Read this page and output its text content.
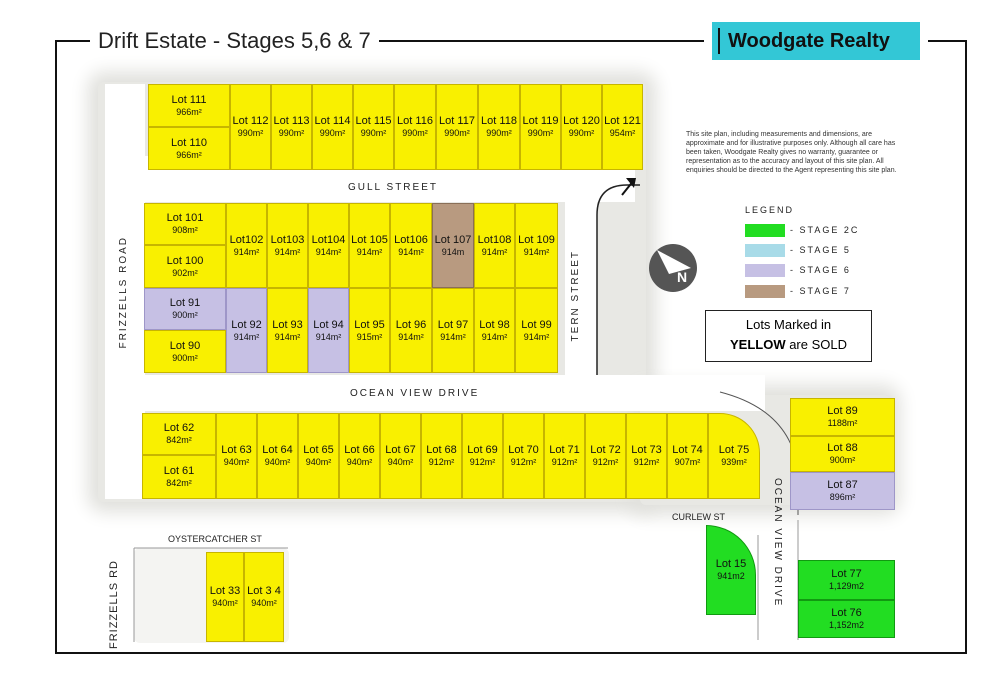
Drift Estate - Stages 5,6 & 7	Woodgate Realty
GULL STREET
FRIZZELLS ROAD	TERN STREET
OCEAN VIEW DRIVE
OCEAN VIEW DRIVE
OYSTERCATCHER ST
FRIZZELLS RD
CURLEW ST
Lot 111
966m²
Lot 110
966m²
Lot 112
990m²
Lot 113
990m²
Lot 114
990m²
Lot 115
990m²
Lot 116
990m²
Lot 117
990m²
Lot 118
990m²
Lot 119
990m²
Lot 120
990m²
Lot 121
954m²
Lot 101
908m²
Lot 100
902m²
Lot 91
900m²
Lot 90
900m²
Lot102
914m²
Lot103
914m²
Lot104
914m²
Lot 105
914m²
Lot106
914m²
Lot 107
914m
Lot108
914m²
Lot 109
914m²
Lot 92
914m²
Lot 93
914m²
Lot 94
914m²
Lot 95
915m²
Lot 96
914m²
Lot 97
914m²
Lot 98
914m²
Lot 99
914m²
Lot 62
842m²
Lot 61
842m²
Lot 63
940m²
Lot 64
940m²
Lot 65
940m²
Lot 66
940m²
Lot 67
940m²
Lot 68
912m²
Lot 69
912m²
Lot 70
912m²
Lot 71
912m²
Lot 72
912m²
Lot 73
912m²
Lot 74
907m²
Lot 75
939m²
Lot 89
1188m²
Lot 88
900m²
Lot 87
896m²
Lot 33
940m²
Lot 3 4
940m²
Lot 15
941m2	Lot 77
1,129m2
Lot 76
1,152m2
This site plan, including measurements and dimensions, are approximate and for illustrative purposes only. Although all care has been taken, Woodgate Realty gives no warranty, guarantee or representation as to the accuracy and layout of this site plan. All enquiries should be directed to the Agent representing this site plan.
N
LEGEND
- STAGE 2C
- STAGE 5
- STAGE 6
- STAGE 7
Lots Marked in
YELLOW are SOLD
